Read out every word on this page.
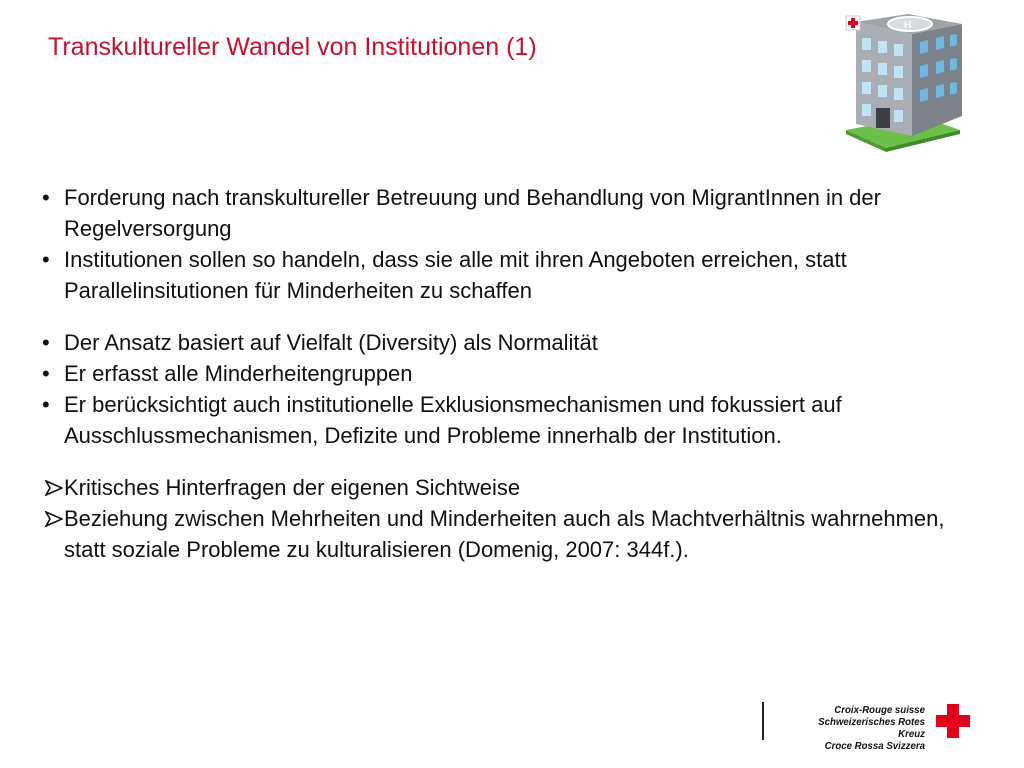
Transkultureller Wandel von Institutionen (1)
H
• Forderung nach transkultureller Betreuung und Behandlung von MigrantInnen in der Regelversorgung
• Institutionen sollen so handeln, dass sie alle mit ihren Angeboten erreichen, statt Parallelinsitutionen für Minderheiten zu schaffen
• Der Ansatz basiert auf Vielfalt (Diversity) als Normalität
• Er erfasst alle Minderheitengruppen
• Er berücksichtigt auch institutionelle Exklusionsmechanismen und fokussiert auf Ausschlussmechanismen, Defizite und Probleme innerhalb der Institution.
Kritisches Hinterfragen der eigenen Sichtweise
Beziehung zwischen Mehrheiten und Minderheiten auch als Machtverhältnis wahrnehmen, statt soziale Probleme zu kulturalisieren (Domenig, 2007: 344f.).
Croix-Rouge suisse
Schweizerisches Rotes Kreuz
Croce Rossa Svizzera
